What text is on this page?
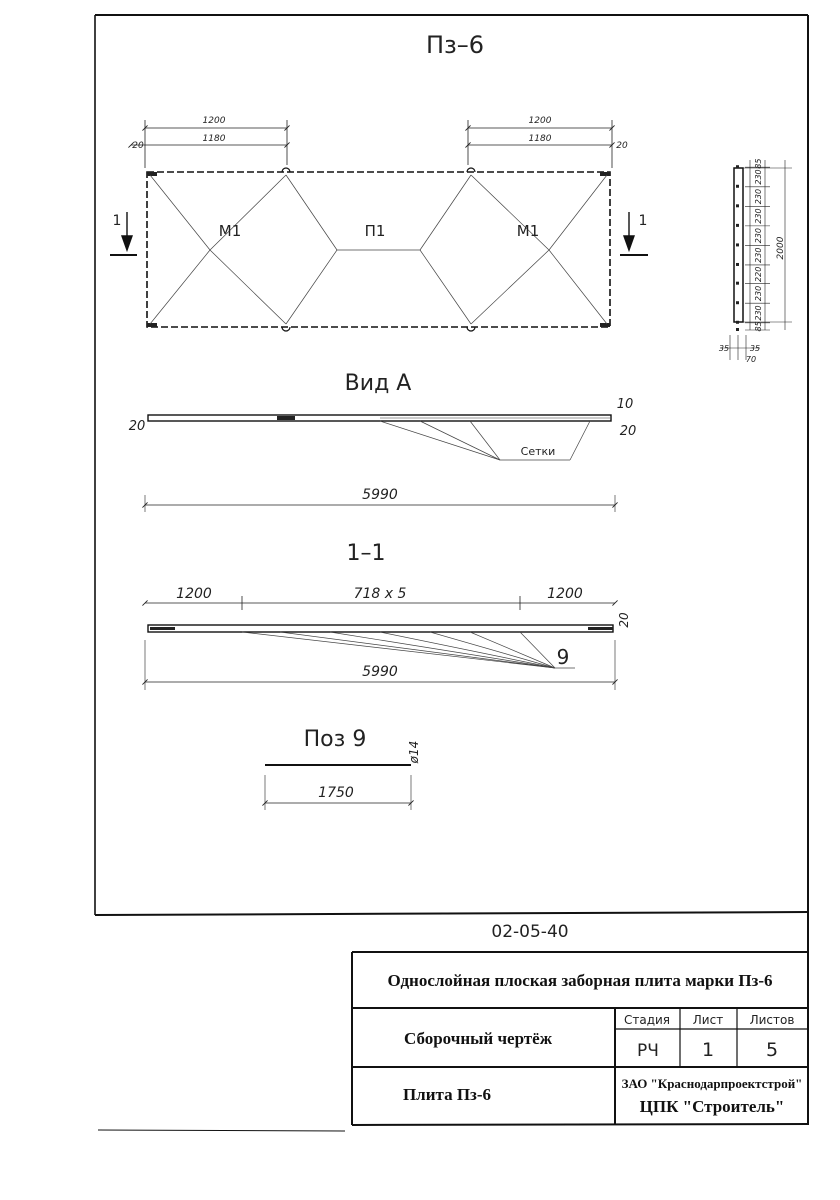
Пз–6
1200
1180
20
1200
1180
20
М1	П1	М1
1	1
85
230
230
230
230
230
220
230
230
85
2000
35	35
70
Вид А
Сетки
20
10
20
5990
1–1
1200	718 x 5	1200
20
9
5990
Поз 9
1750
ø14
02-05-40
Однослойная плоская заборная плита марки Пз-6
Сборочный чертёж
Плита Пз-6
Стадия Лист Листов
РЧ 1	5
ЗАО "Краснодарпроектстрой"
ЦПК "Строитель"
